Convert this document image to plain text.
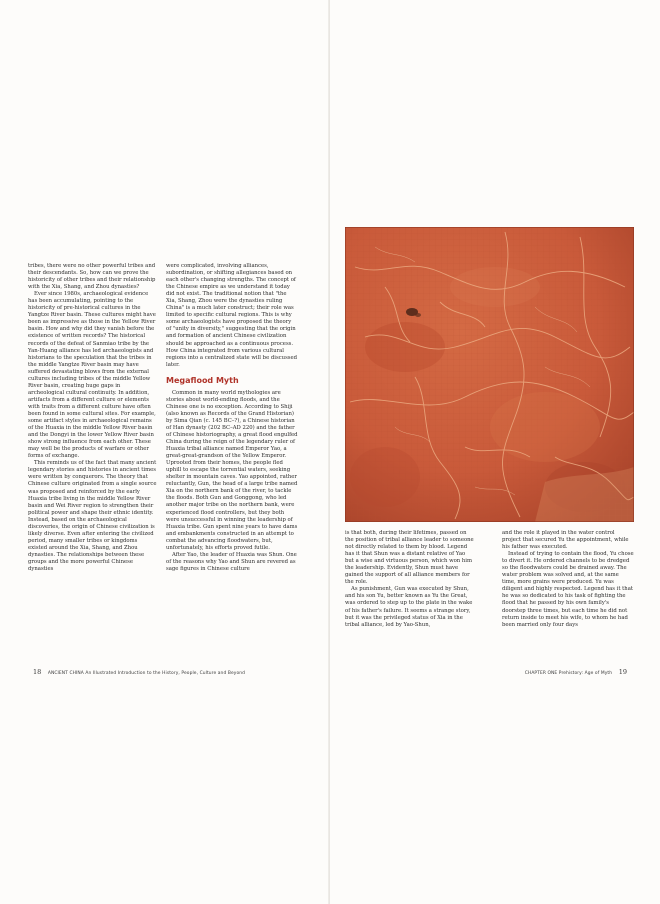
tribes, there were no other powerful tribes and their descendants. So, how can we prove the historicity of other tribes and their relationship with the Xia, Shang, and Zhou dynasties?

Ever since 1980s, archaeological evidence has been accumulating, pointing to the historicity of pre-historical cultures in the Yangtze River basin. These cultures might have been as impressive as those in the Yellow River basin. How and why did they vanish before the existence of written records? The historical records of the defeat of Sanmiao tribe by the Yan-Huang alliance has led archaeologists and historians to the speculation that the tribes in the middle Yangtze River basin may have suffered devastating blows from the external cultures including tribes of the middle Yellow River basin, creating huge gaps in archeological cultural continuity. In addition, artifacts from a different culture or elements with traits from a different culture have often been found in some cultural sites. For example, some artifact styles in archaeological remains of the Huaxia in the middle Yellow River basin and the Dongyi in the lower Yellow River basin show strong influence from each other. These may well be the products of warfare or other forms of exchange.

This reminds us of the fact that many ancient legendary stories and histories in ancient times were written by conquerors. The theory that Chinese culture originated from a single source was proposed and reinforced by the early Huaxia tribe living in the middle Yellow River basin and Wei River region to strengthen their political power and shape their ethnic identity. Instead, based on the archaeological discoveries, the origin of Chinese civilization is likely diverse. Even after entering the civilized period, many smaller tribes or kingdoms existed around the Xia, Shang, and Zhou dynasties. The relationships between these groups and the more powerful Chinese dynasties

were complicated, involving alliances, subordination, or shifting allegiances based on each other's changing strengths. The concept of the Chinese empire as we understand it today did not exist. The traditional notion that "the Xia, Shang, Zhou were the dynasties ruling China" is a much later construct; their role was limited to specific cultural regions. This is why some archaeologists have proposed the theory of "unity in diversity," suggesting that the origin and formation of ancient Chinese civilization should be approached as a continuous process. How China integrated from various cultural regions into a centralized state will be discussed later.

Megaflood Myth

Common in many world mythologies are stories about world-ending floods, and the Chinese one is no exception. According to Shiji (also known as Records of the Grand Historian) by Sima Qian (c. 145 BC–?), a Chinese historian of Han dynasty (202 BC–AD 220) and the father of Chinese historiography, a great flood engulfed China during the reign of the legendary ruler of Huaxia tribal alliance named Emperor Yao, a great-great-grandson of the Yellow Emperor. Uprooted from their homes, the people fled uphill to escape the torrential waters, seeking shelter in mountain caves. Yao appointed, rather reluctantly, Gun, the head of a large tribe named Xia on the northern bank of the river, to tackle the floods. Both Gun and Gonggong, who led another major tribe on the northern bank, were experienced flood controllers, but they both were unsuccessful in winning the leadership of Huaxia tribe. Gun spent nine years to have dams and embankments constructed in an attempt to combat the advancing floodwaters, but, unfortunately, his efforts proved futile.

After Yao, the leader of Huaxia was Shun. One of the reasons why Yao and Shun are revered as sage figures in Chinese culture

18 ANCIENT CHINA An Illustrated Introduction to the History, People, Culture and Beyond

is that both, during their lifetimes, passed on the position of tribal alliance leader to someone not directly related to them by blood. Legend has it that Shun was a distant relative of Yao but a wise and virtuous person, which won him the leadership. Evidently, Shun must have gained the support of all alliance members for the role.

As punishment, Gun was executed by Shun, and his son Yu, better known as Yu the Great, was ordered to step up to the plate in the wake of his father's failure. It seems a strange story, but it was the privileged status of Xia in the tribal alliance, led by Yao-Shun,

and the role it played in the water control project that secured Yu the appointment, while his father was executed.

Instead of trying to contain the flood, Yu chose to divert it. He ordered channels to be dredged so the floodwaters could be drained away. The water problem was solved and, at the same time, more grains were produced. Yu was diligent and highly respected. Legend has it that he was so dedicated to his task of fighting the flood that he passed by his own family's doorstep three times, but each time he did not return inside to meet his wife, to whom he had been married only four days

CHAPTER ONE Prehistory: Age of Myth 19
